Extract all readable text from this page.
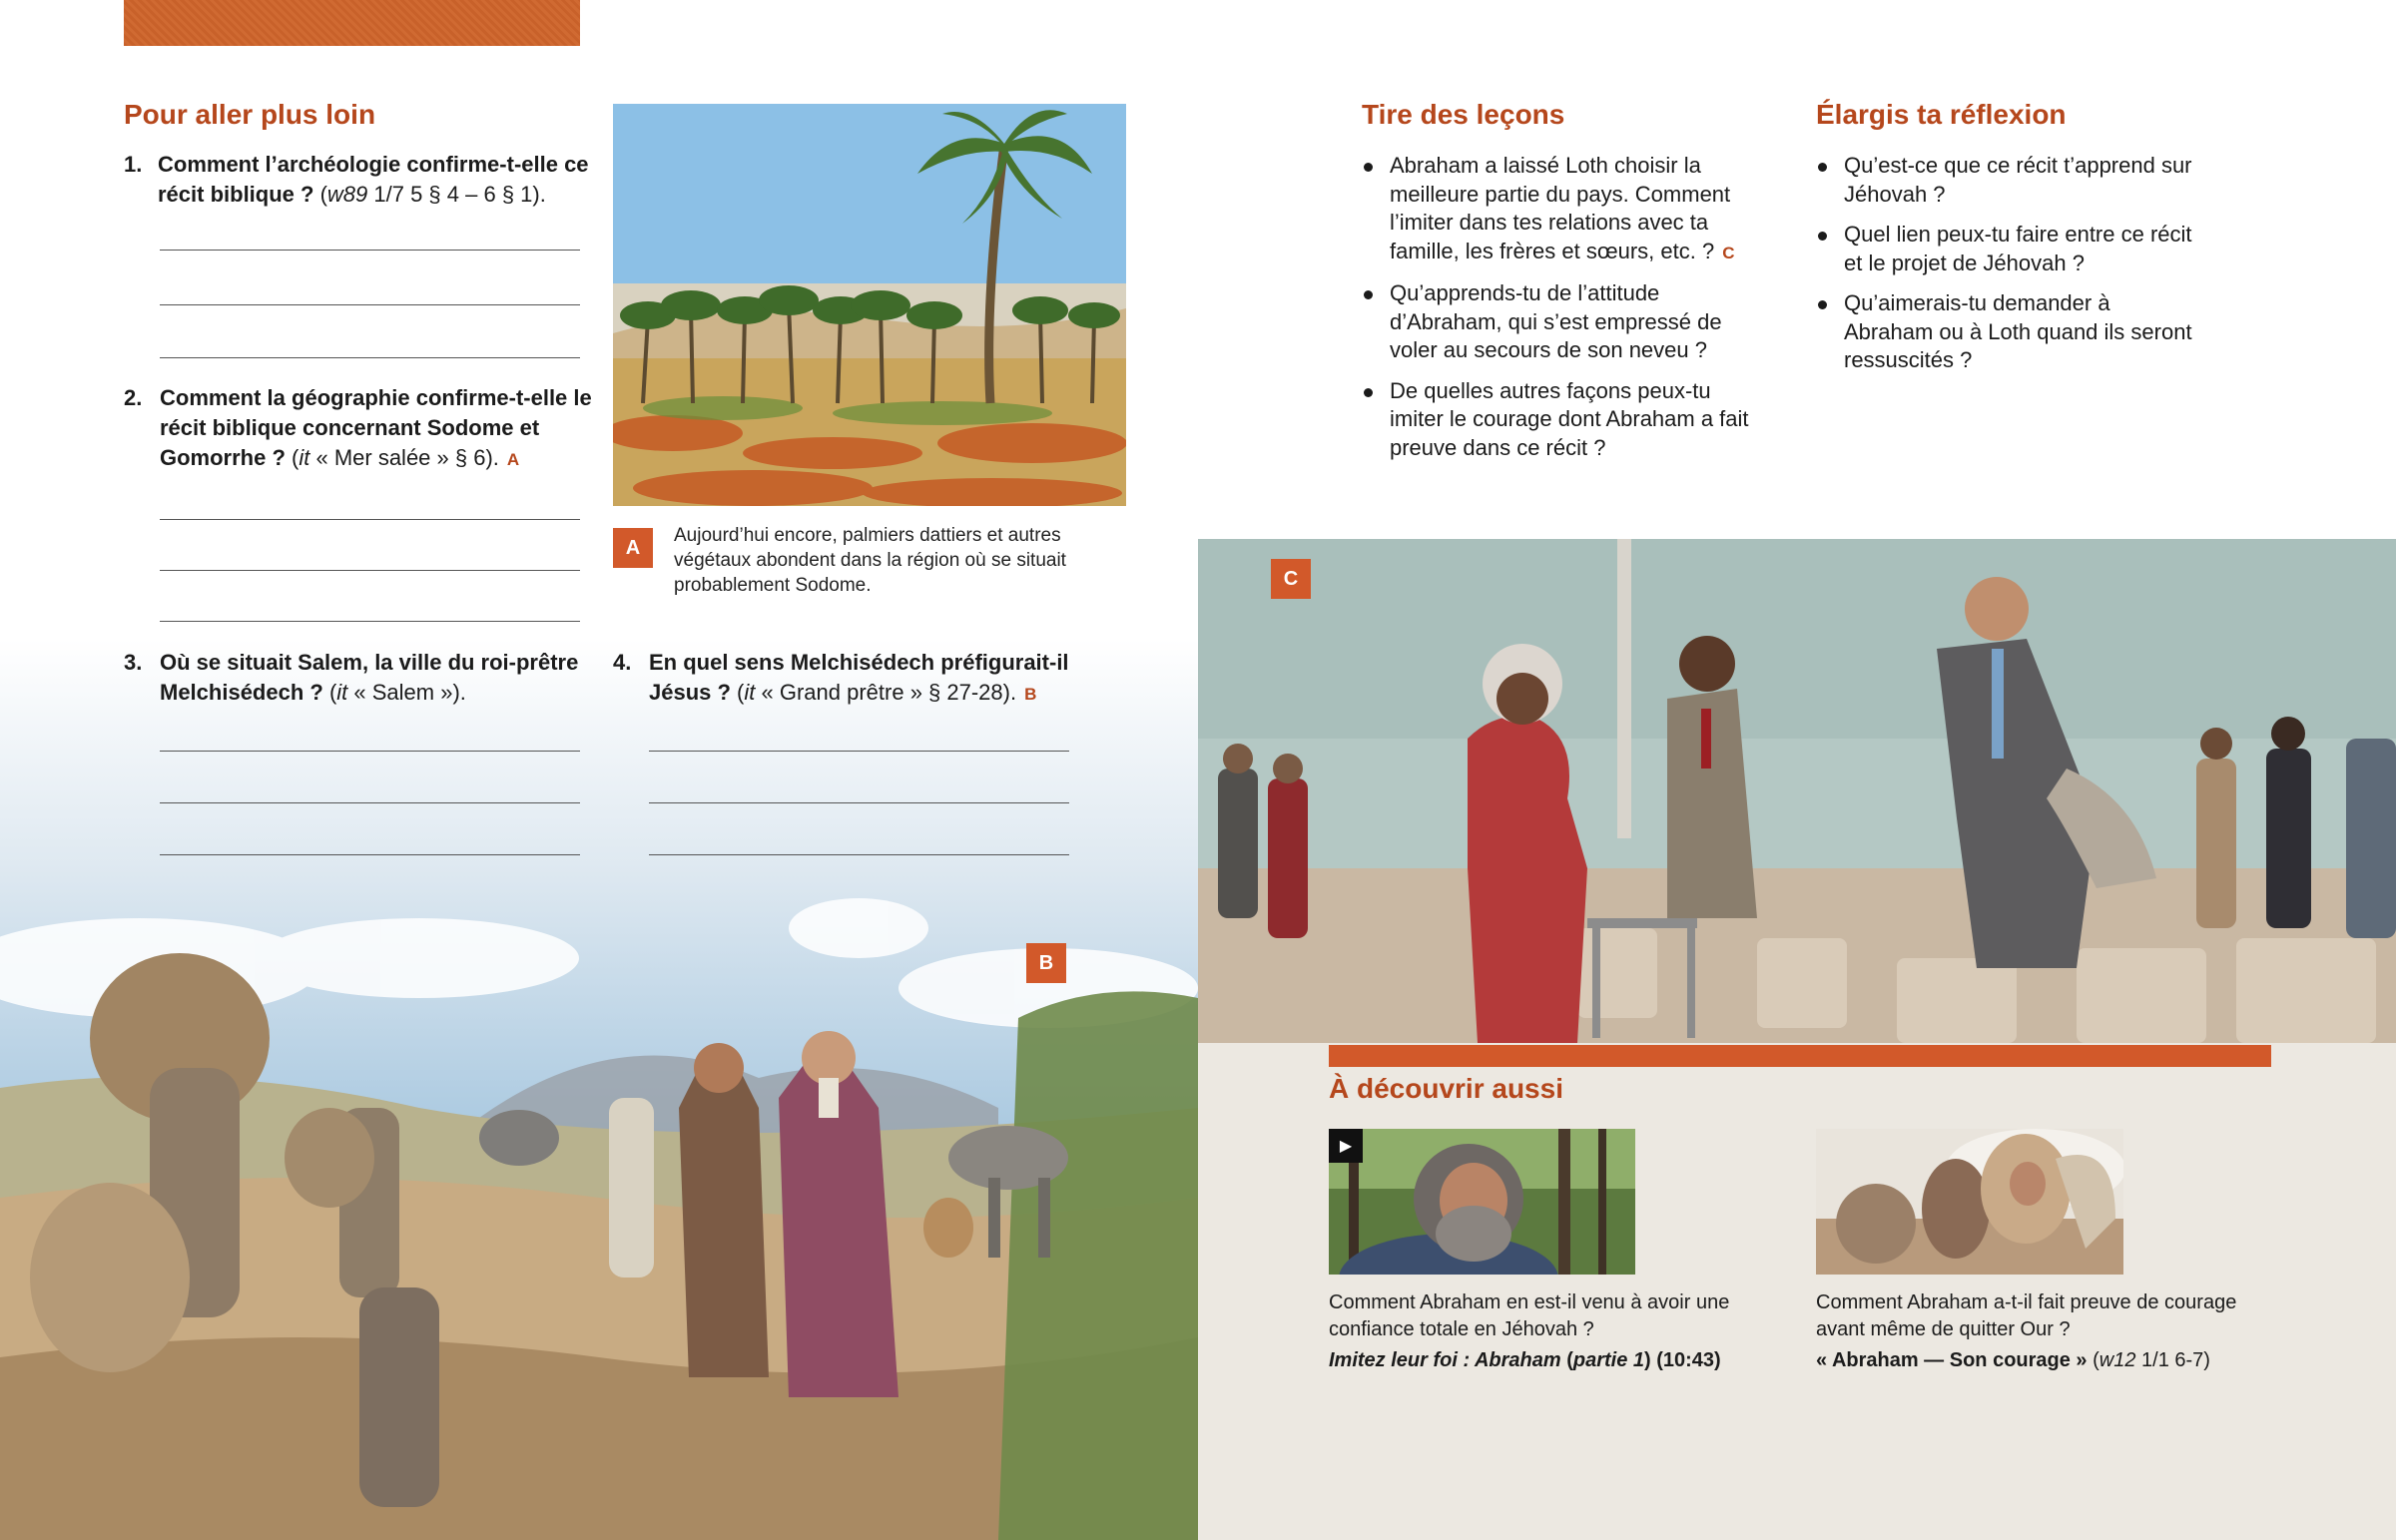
Pour aller plus loin
1. Comment l’archéologie confirme-t-elle ce récit biblique ? (w89 1/7 5 § 4 – 6 § 1).
2. Comment la géographie confirme-t-elle le récit biblique concernant Sodome et Gomorrhe ? (it « Mer salée » § 6). A
A
Aujourd’hui encore, palmiers dattiers et autres végétaux abondent dans la région où se situait probablement Sodome.
B
3. Où se situait Salem, la ville du roi-prêtre Melchisédech ? (it « Salem »).
4. En quel sens Melchisédech préfigurait-il Jésus ? (it « Grand prêtre » § 27-28). B
Tire des leçons
Abraham a laissé Loth choisir la meilleure partie du pays. Comment l’imiter dans tes relations avec ta famille, les frères et sœurs, etc. ? C
Qu’apprends-tu de l’attitude d’Abraham, qui s’est empressé de voler au secours de son neveu ?
De quelles autres façons peux-tu imiter le courage dont Abraham a fait preuve dans ce récit ?
Élargis ta réflexion
Qu’est-ce que ce récit t’apprend sur Jéhovah ?
Quel lien peux-tu faire entre ce récit et le projet de Jéhovah ?
Qu’aimerais-tu demander à Abraham ou à Loth quand ils seront ressuscités ?
C
À découvrir aussi
▶
Comment Abraham en est-il venu à avoir une confiance totale en Jéhovah ?
Imitez leur foi : Abraham (partie 1) (10:43)
Comment Abraham a-t-il fait preuve de courage avant même de quitter Our ?
« Abraham — Son courage » (w12 1/1 6-7)
